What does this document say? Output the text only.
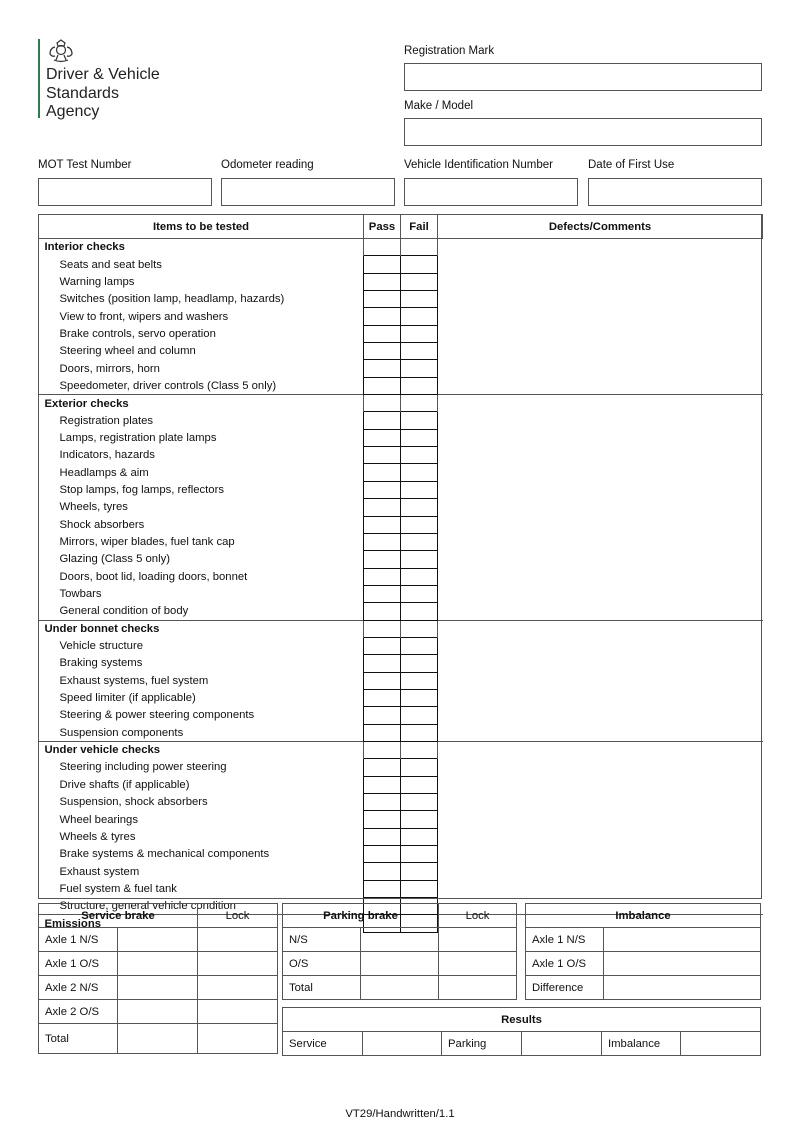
Driver & Vehicle
Standards
Agency
Registration Mark
Make / Model
MOT Test Number	Odometer reading	Vehicle Identification Number	Date of First Use
Items to be tested	Pass	Fail	Defects/Comments
Interior checks			
Seats and seat belts			
Warning lamps			
Switches (position lamp, headlamp, hazards)			
View to front, wipers and washers			
Brake controls, servo operation			
Steering wheel and column			
Doors, mirrors, horn			
Speedometer, driver controls (Class 5 only)			
Exterior checks			
Registration plates			
Lamps, registration plate lamps			
Indicators, hazards			
Headlamps & aim			
Stop lamps, fog lamps, reflectors			
Wheels, tyres			
Shock absorbers			
Mirrors, wiper blades, fuel tank cap			
Glazing (Class 5 only)			
Doors, boot lid, loading doors, bonnet			
Towbars			
General condition of body			
Under bonnet checks			
Vehicle structure			
Braking systems			
Exhaust systems, fuel system			
Speed limiter (if applicable)			
Steering & power steering components			
Suspension components			
Under vehicle checks			
Steering including power steering			
Drive shafts (if applicable)			
Suspension, shock absorbers			
Wheel bearings			
Wheels & tyres			
Brake systems & mechanical components			
Exhaust system			
Fuel system & fuel tank			
Structure, general vehicle condition			
Emissions			
Service brake		Lock
Axle 1 N/S		
Axle 1 O/S		
Axle 2 N/S		
Axle 2 O/S		
Total		
Parking brake		Lock
N/S		
O/S		
Total		
Imbalance	
Axle 1 N/S	
Axle 1 O/S	
Difference	
Results
Service		Parking		Imbalance	
VT29/Handwritten/1.1
